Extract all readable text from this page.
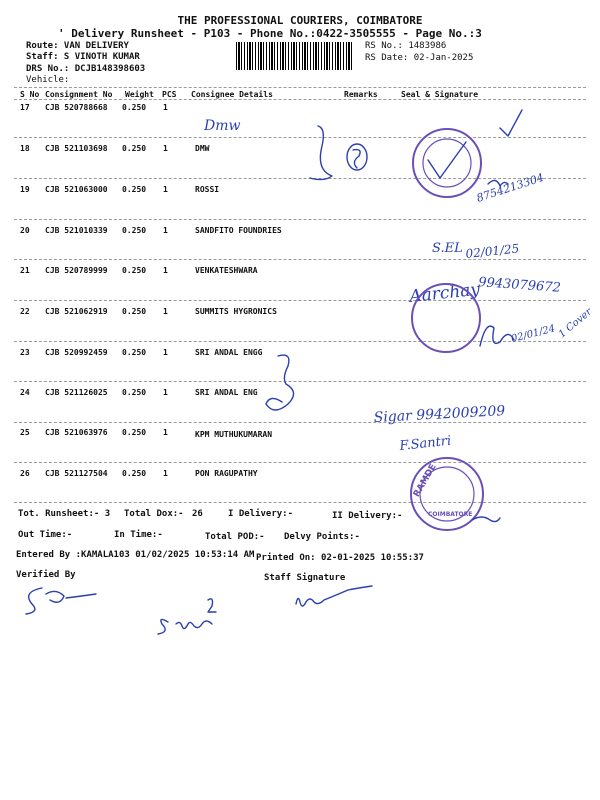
THE PROFESSIONAL COURIERS, COIMBATORE
' Delivery Runsheet - P103 - Phone No.:0422-3505555 - Page No.:3
Route: VAN DELIVERY
Staff: S VINOTH KUMAR
DRS No.: DCJB148398603
Vehicle:
RS No.: 1483986
RS Date: 02-Jan-2025
S No Consignment No Weight PCS Consignee Details	Remarks	Seal & Signature
17 CJB 520788668 0.250 1
18 CJB 521103698 0.250 1	DMW
19 CJB 521063000 0.250 1	ROSSI
20 CJB 521010339 0.250 1	SANDFITO FOUNDRIES
21 CJB 520789999 0.250 1	VENKATESHWARA
22 CJB 521062919 0.250 1	SUMMITS HYGRONICS
23 CJB 520992459 0.250 1	SRI ANDAL ENGG
24 CJB 521126025 0.250 1	SRI ANDAL ENG
25 CJB 521063976 0.250 1	KPM MUTHUKUMARAN
26 CJB 521127504 0.250 1	PON RAGUPATHY
Tot. Runsheet:- 3 Total Dox:- 26	I Delivery:-	II Delivery:-
Out Time:-	In Time:-	Total POD:- Delvy Points:-
Entered By :KAMALA103 01/02/2025 10:53:14 AM Printed On: 02-01-2025 10:55:37
Verified By	Staff Signature
Dmw
8754213304
S.EL 02/01/25
9943079672
Aarchay
02/01/24 1 Cover
Sigar 9942009209
F.Santri
RAMDE
COIMBATORE
